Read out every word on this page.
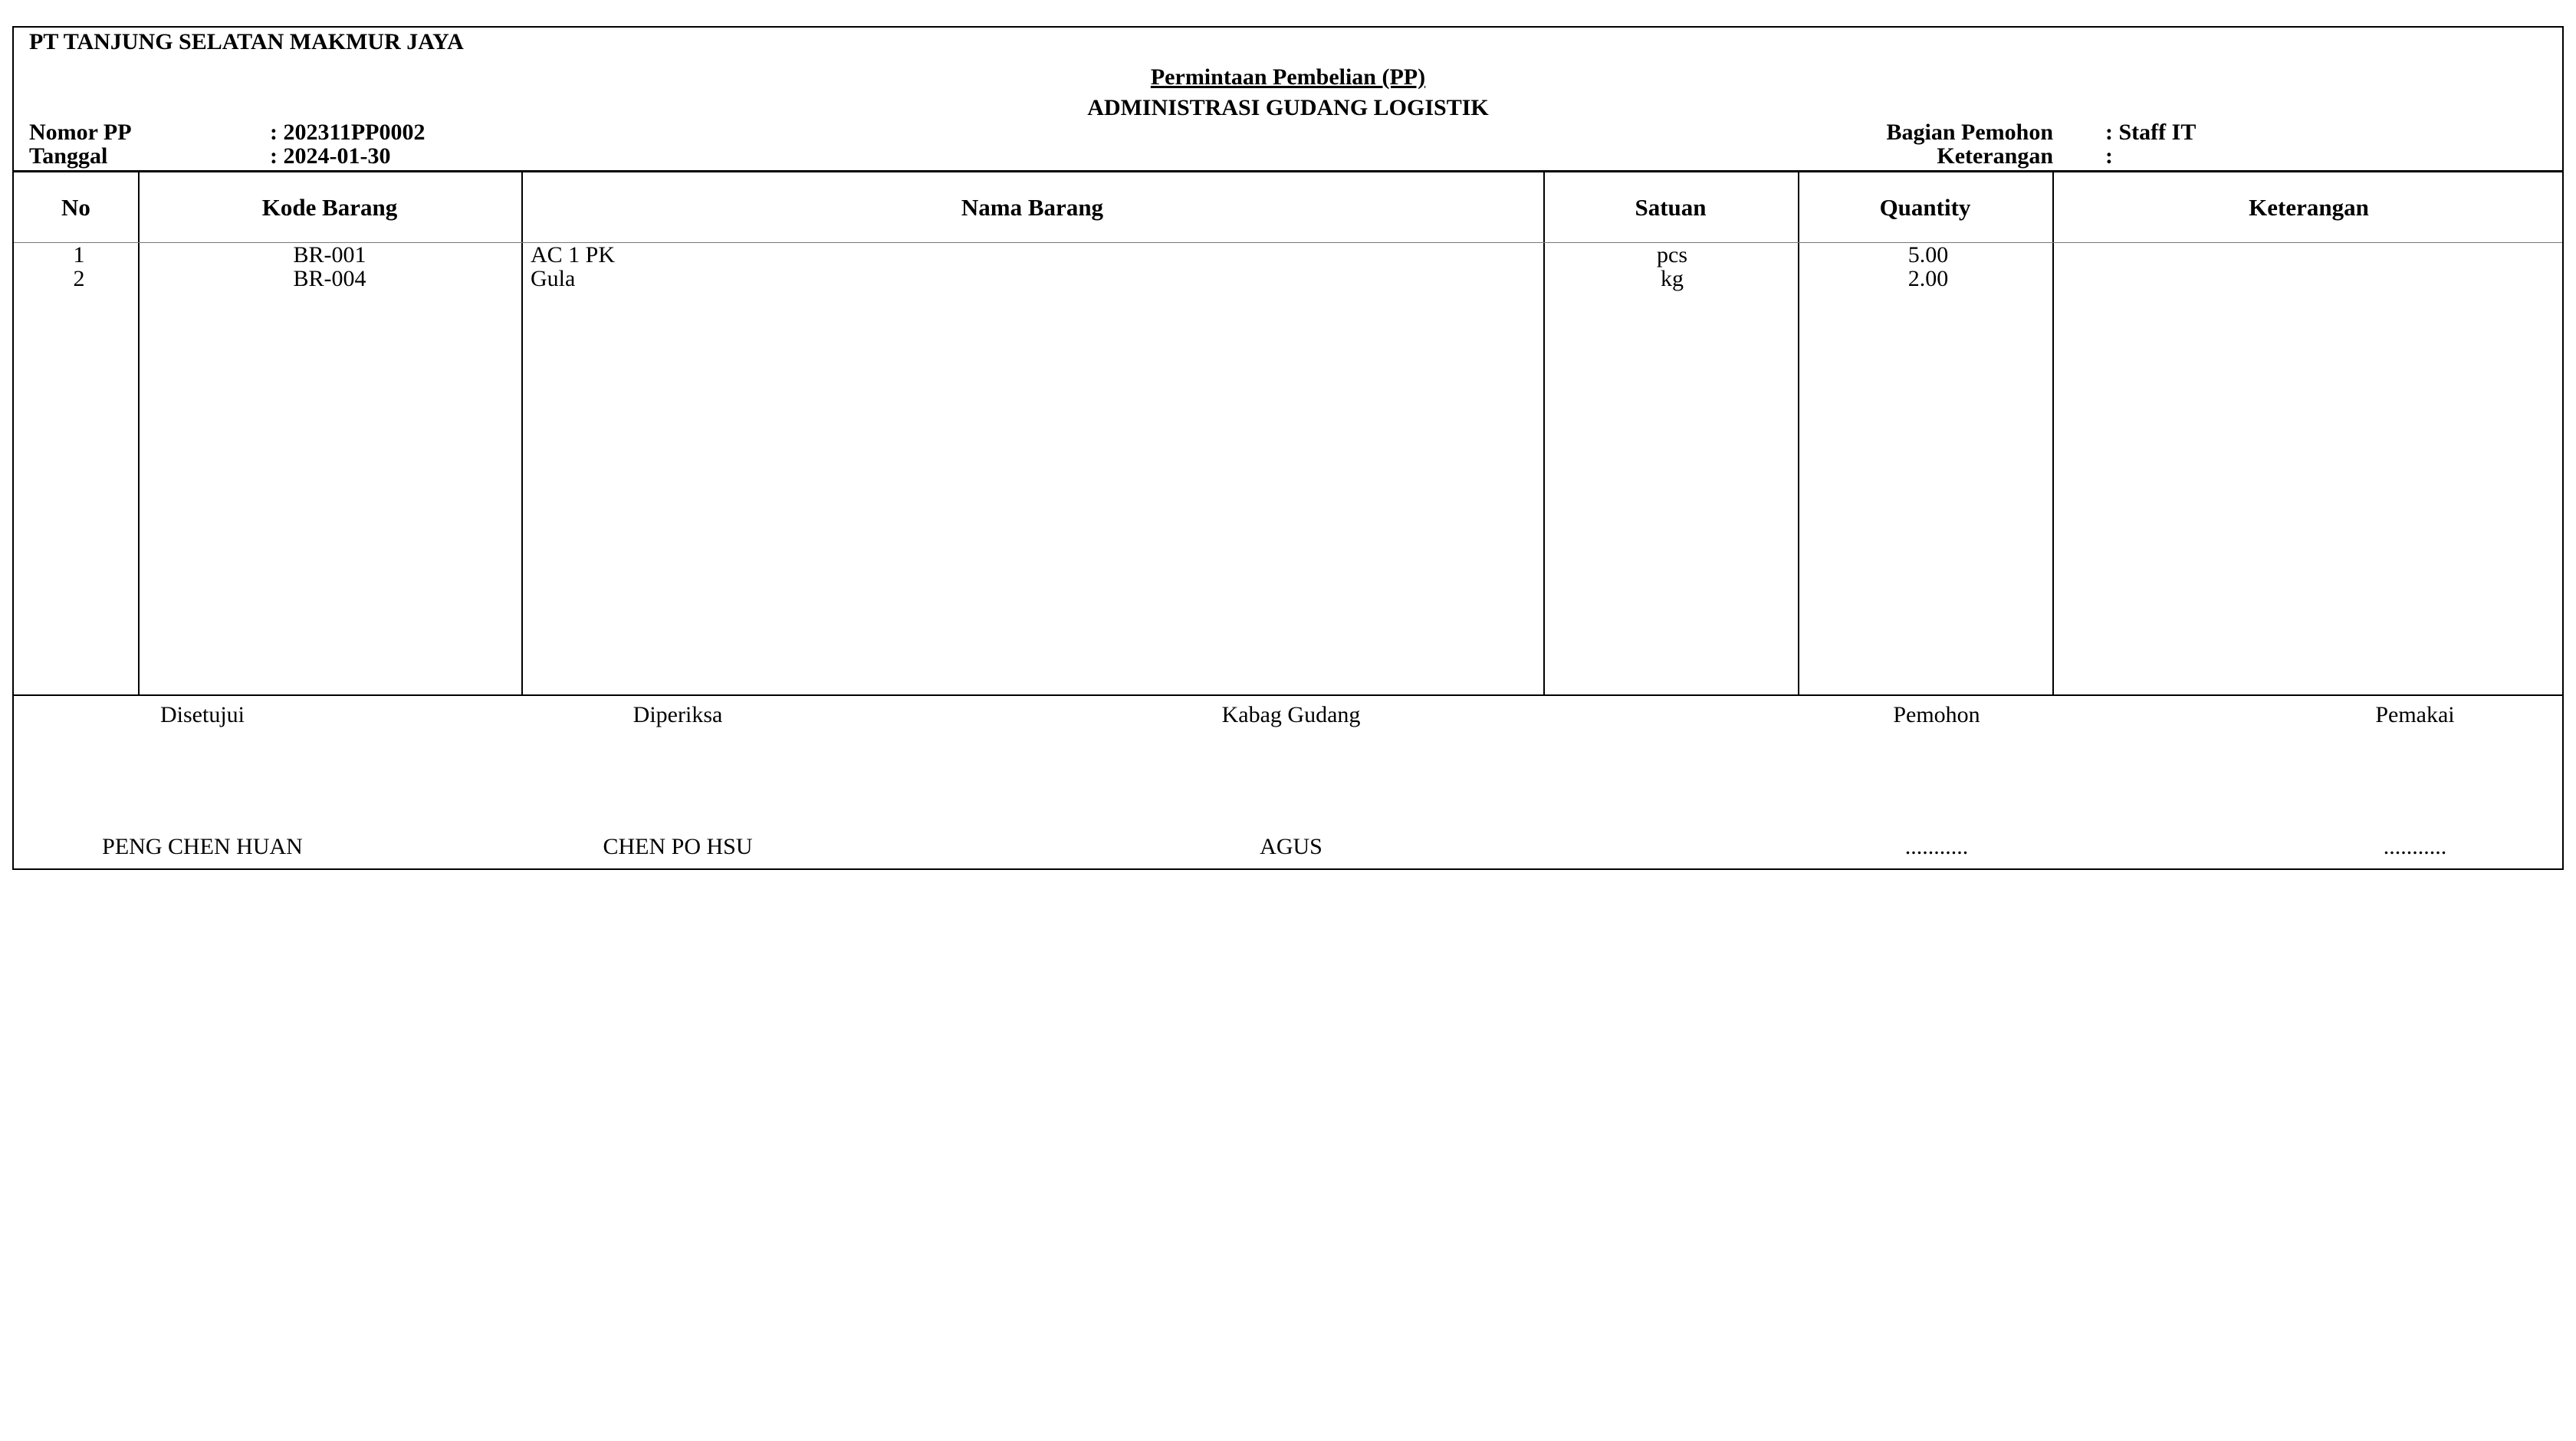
PT TANJUNG SELATAN MAKMUR JAYA
Permintaan Pembelian (PP)
ADMINISTRASI GUDANG LOGISTIK
Nomor PP	: 202311PP0002
Tanggal	: 2024-01-30
Bagian Pemohon : Staff IT
Keterangan :
No	Kode Barang	Nama Barang	Satuan	Quantity	Keterangan
1	BR-001	AC 1 PK	pcs	5.00
2	BR-004	Gula	kg	2.00
Disetujui
PENG CHEN HUAN
Diperiksa
CHEN PO HSU
Kabag Gudang
AGUS
Pemohon
...........
Pemakai
...........
